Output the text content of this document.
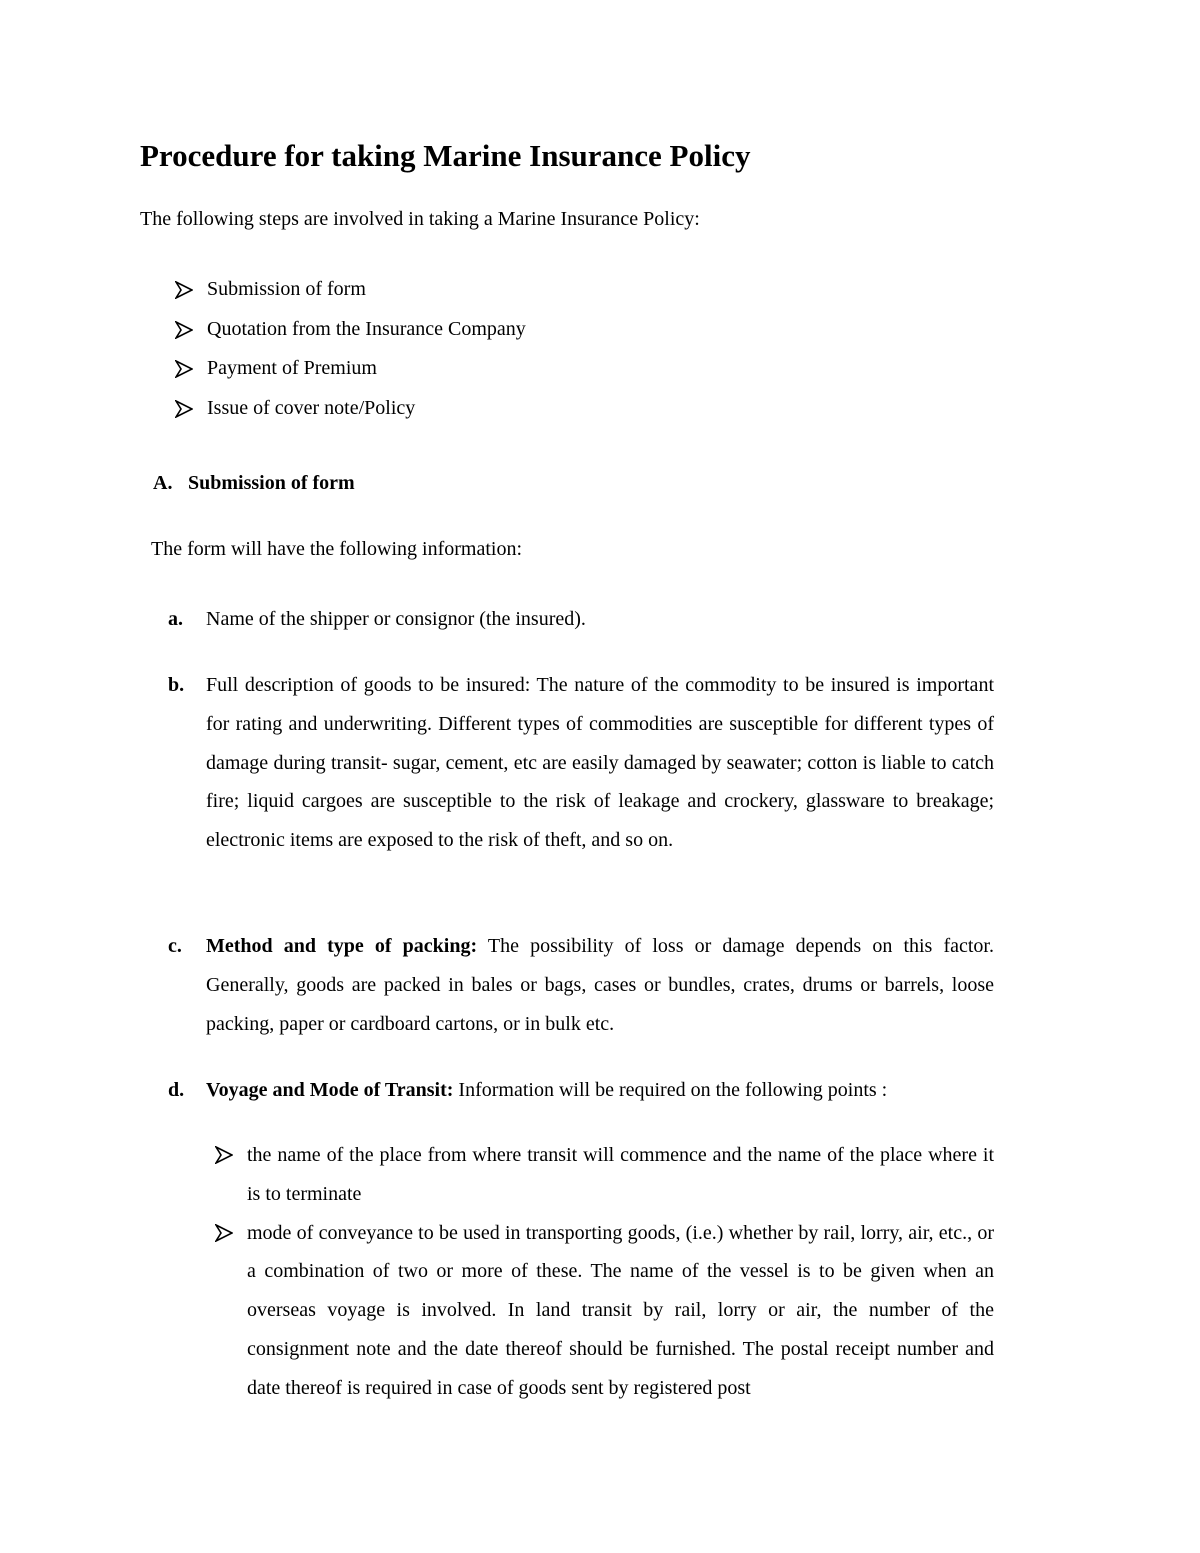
Procedure for taking Marine Insurance Policy
The following steps are involved in taking a Marine Insurance Policy:
Submission of form
Quotation from the Insurance Company
Payment of Premium
Issue of cover note/Policy
A. Submission of form
The form will have the following information:
a. Name of the shipper or consignor (the insured).
b. Full description of goods to be insured: The nature of the commodity to be insured is important for rating and underwriting. Different types of commodities are susceptible for different types of damage during transit- sugar, cement, etc are easily damaged by seawater; cotton is liable to catch fire; liquid cargoes are susceptible to the risk of leakage and crockery, glassware to breakage; electronic items are exposed to the risk of theft, and so on.
c. Method and type of packing: The possibility of loss or damage depends on this factor. Generally, goods are packed in bales or bags, cases or bundles, crates, drums or barrels, loose packing, paper or cardboard cartons, or in bulk etc.
d. Voyage and Mode of Transit: Information will be required on the following points :
the name of the place from where transit will commence and the name of the place where it is to terminate
mode of conveyance to be used in transporting goods, (i.e.) whether by rail, lorry, air, etc., or a combination of two or more of these. The name of the vessel is to be given when an overseas voyage is involved. In land transit by rail, lorry or air, the number of the consignment note and the date thereof should be furnished. The postal receipt number and date thereof is required in case of goods sent by registered post
